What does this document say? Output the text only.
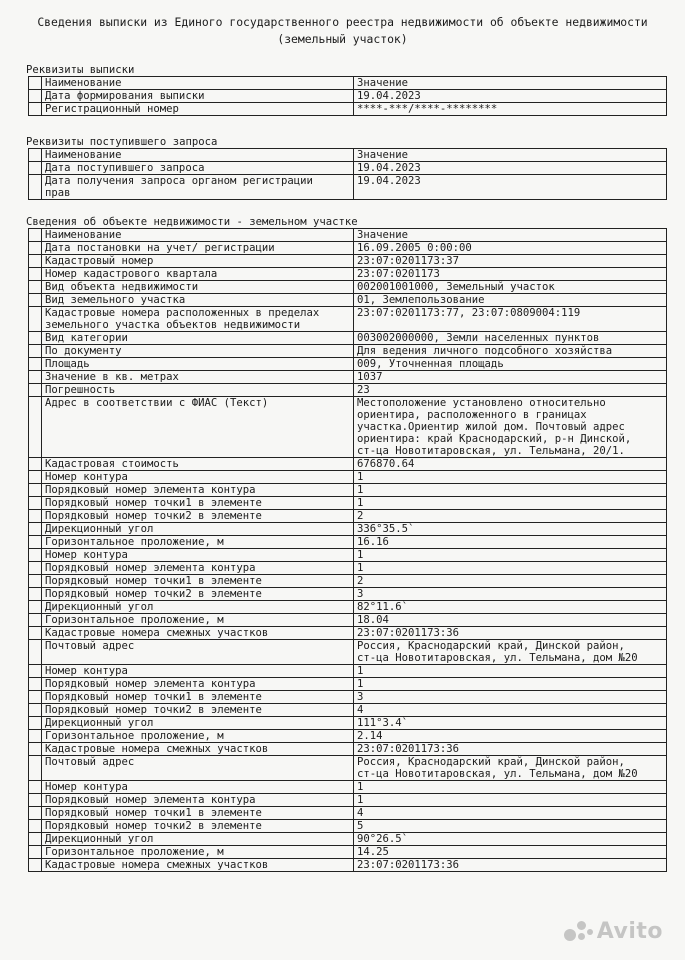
Сведения выписки из Единого государственного реестра недвижимости об объекте недвижимости
(земельный участок)
Реквизиты выписки
	Наименование	Значение
	Дата формирования выписки	19.04.2023
	Регистрационный номер	****-***/****-********
Реквизиты поступившего запроса
	Наименование	Значение
	Дата поступившего запроса	19.04.2023
	Дата получения запроса органом регистрации
прав	19.04.2023
Сведения об объекте недвижимости - земельном участке
	Наименование	Значение
	Дата постановки на учет/ регистрации	16.09.2005 0:00:00
	Кадастровый номер	23:07:0201173:37
	Номер кадастрового квартала	23:07:0201173
	Вид объекта недвижимости	002001001000, Земельный участок
	Вид земельного участка	01, Землепользование
	Кадастровые номера расположенных в пределах
земельного участка объектов недвижимости	23:07:0201173:77, 23:07:0809004:119
	Вид категории	003002000000, Земли населенных пунктов
	По документу	Для ведения личного подсобного хозяйства
	Площадь	009, Уточненная площадь
	Значение в кв. метрах	1037
	Погрешность	23
	Адрес в соответствии с ФИАС (Текст)	Местоположение установлено относительно
ориентира, расположенного в границах
участка.Ориентир жилой дом. Почтовый адрес
ориентира: край Краснодарский, р-н Динской,
ст-ца Новотитаровская, ул. Тельмана, 20/1.
	Кадастровая стоимость	676870.64
	Номер контура	1
	Порядковый номер элемента контура	1
	Порядковый номер точки1 в элементе	1
	Порядковый номер точки2 в элементе	2
	Дирекционный угол	336°35.5`
	Горизонтальное проложение, м	16.16
	Номер контура	1
	Порядковый номер элемента контура	1
	Порядковый номер точки1 в элементе	2
	Порядковый номер точки2 в элементе	3
	Дирекционный угол	82°11.6`
	Горизонтальное проложение, м	18.04
	Кадастровые номера смежных участков	23:07:0201173:36
	Почтовый адрес	Россия, Краснодарский край, Динской район,
ст-ца Новотитаровская, ул. Тельмана, дом №20
	Номер контура	1
	Порядковый номер элемента контура	1
	Порядковый номер точки1 в элементе	3
	Порядковый номер точки2 в элементе	4
	Дирекционный угол	111°3.4`
	Горизонтальное проложение, м	2.14
	Кадастровые номера смежных участков	23:07:0201173:36
	Почтовый адрес	Россия, Краснодарский край, Динской район,
ст-ца Новотитаровская, ул. Тельмана, дом №20
	Номер контура	1
	Порядковый номер элемента контура	1
	Порядковый номер точки1 в элементе	4
	Порядковый номер точки2 в элементе	5
	Дирекционный угол	90°26.5`
	Горизонтальное проложение, м	14.25
	Кадастровые номера смежных участков	23:07:0201173:36
Avito
